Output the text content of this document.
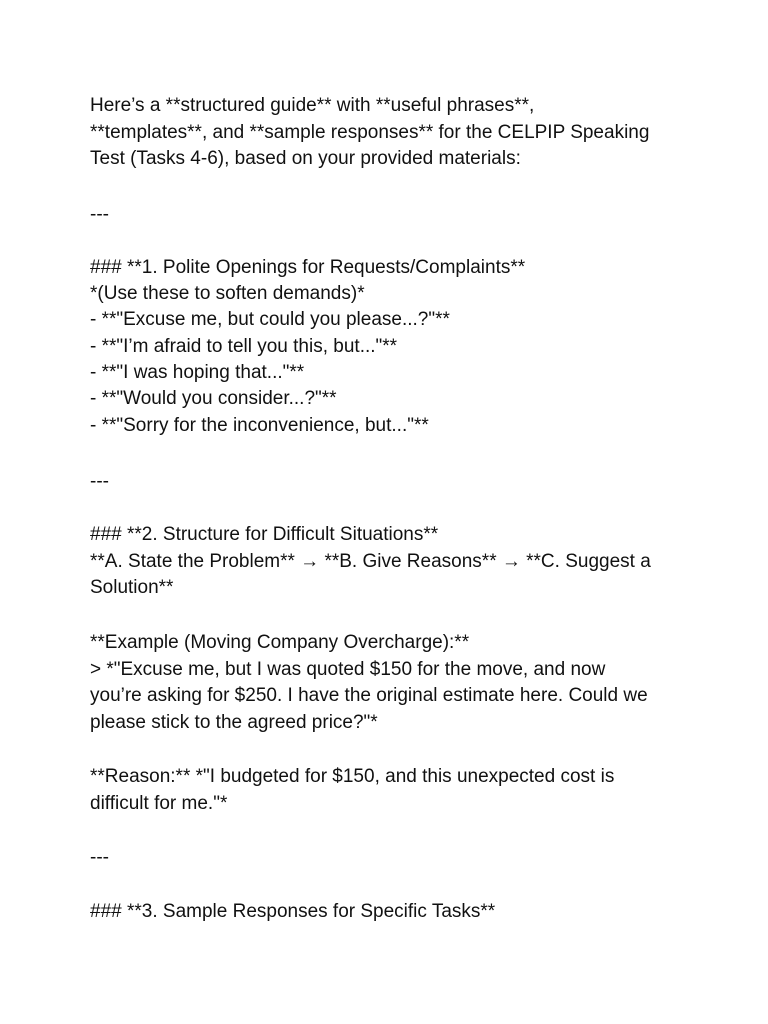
Here’s a **structured guide** with **useful phrases**,

**templates**, and **sample responses** for the CELPIP Speaking

Test (Tasks 4-6), based on your provided materials:

---

### **1. Polite Openings for Requests/Complaints**

*(Use these to soften demands)*

- **"Excuse me, but could you please...?"**

- **"I’m afraid to tell you this, but..."**

- **"I was hoping that..."**

- **"Would you consider...?"**

- **"Sorry for the inconvenience, but..."**

---

### **2. Structure for Difficult Situations**

**A. State the Problem** → **B. Give Reasons** → **C. Suggest a

Solution**

**Example (Moving Company Overcharge):**

> *"Excuse me, but I was quoted $150 for the move, and now

you’re asking for $250. I have the original estimate here. Could we

please stick to the agreed price?"*

**Reason:** *"I budgeted for $150, and this unexpected cost is

difficult for me."*

---

### **3. Sample Responses for Specific Tasks**
